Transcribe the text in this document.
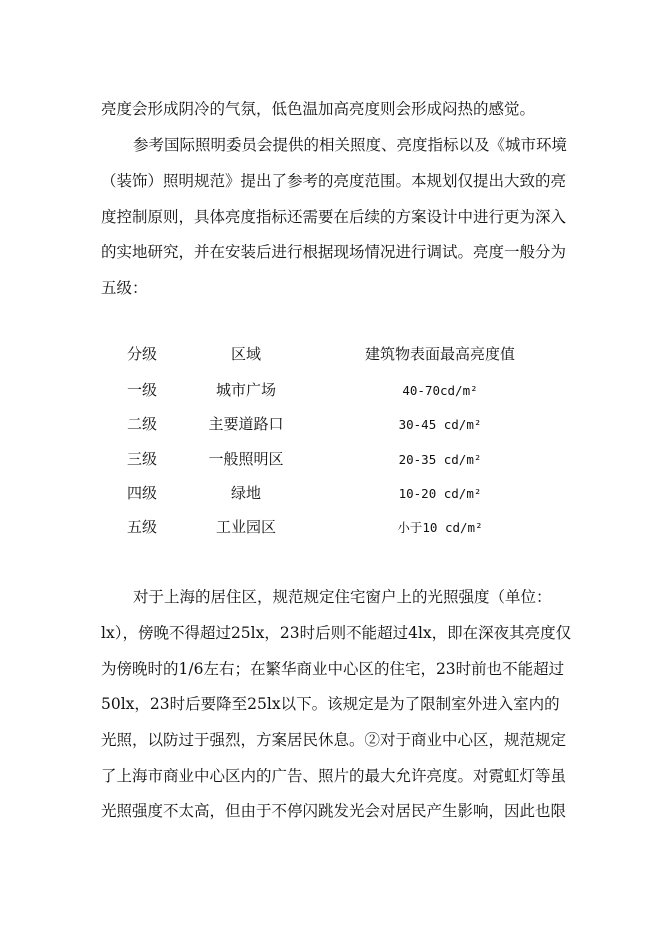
亮度会形成阴冷的气氛，低色温加高亮度则会形成闷热的感觉。
参考国际照明委员会提供的相关照度、亮度指标以及《城市环境
（装饰）照明规范》提出了参考的亮度范围。本规划仅提出大致的亮
度控制原则，具体亮度指标还需要在后续的方案设计中进行更为深入
的实地研究，并在安装后进行根据现场情况进行调试。亮度一般分为
五级：
分级	区域	建筑物表面最高亮度值
一级	城市广场	40-70cd/m²
二级	主要道路口	30-45 cd/m²
三级	一般照明区	20-35 cd/m²
四级	绿地	10-20 cd/m²
五级	工业园区	小于10 cd/m²
对于上海的居住区，规范规定住宅窗户上的光照强度（单位：
lx），傍晚不得超过25lx，23时后则不能超过4lx，即在深夜其亮度仅
为傍晚时的1/6左右；在繁华商业中心区的住宅，23时前也不能超过
50lx，23时后要降至25lx以下。该规定是为了限制室外进入室内的
光照，以防过于强烈，方案居民休息。②对于商业中心区，规范规定
了上海市商业中心区内的广告、照片的最大允许亮度。对霓虹灯等虽
光照强度不太高，但由于不停闪跳发光会对居民产生影响，因此也限
